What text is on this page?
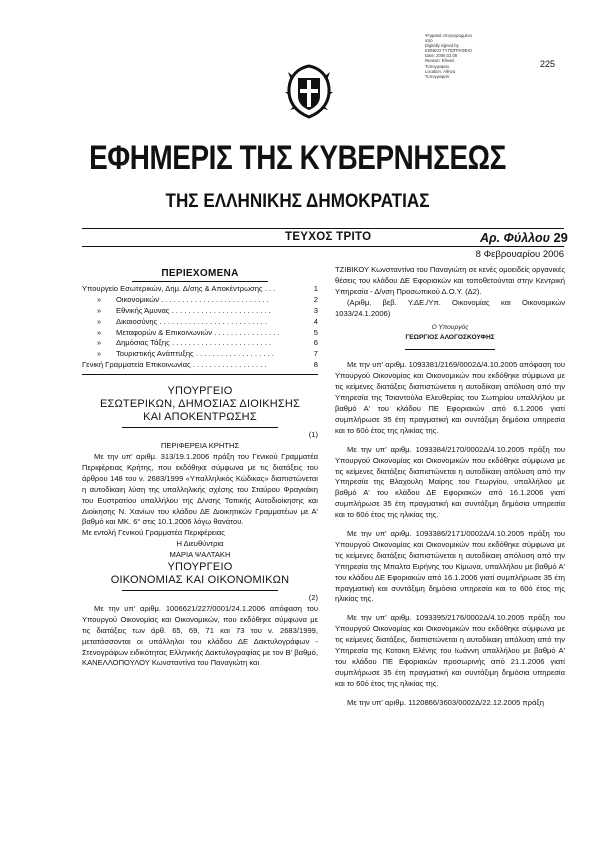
Ψηφιακά υπογεγραμμένο
από
Digitally signed by
ΕΘΝΙΚΟ ΤΥΠΟΓΡΑΦΕΙΟ
Date: 2006.02.08
Reason: Εθνικό
Τυπογραφείο
Location: Αθήνα
Τυπογραφείο
225
ΕΦΗΜΕΡΙΣ ΤΗΣ ΚΥΒΕΡΝΗΣΕΩΣ
ΤΗΣ ΕΛΛΗΝΙΚΗΣ ΔΗΜΟΚΡΑΤΙΑΣ
ΤΕΥΧΟΣ ΤΡΙΤΟ	Αρ. Φύλλου 29
8 Φεβρουαρίου 2006
ΠΕΡΙΕΧΟΜΕΝΑ
Υπουργείο Εσωτερικών, Δημ. Δ/σης & Αποκέντρωσης . . .	1
»	Οικονομικών . . . . . . . . . . . . . . . . . . . . . . . . . .	2
»	Εθνικής Άμυνας . . . . . . . . . . . . . . . . . . . . . . . .	3
»	Δικαιοσύνης . . . . . . . . . . . . . . . . . . . . . . . . . .	4
»	Μεταφορών & Επικοινωνιών . . . . . . . . . . . . . . . .	5
»	Δημόσιας Τάξης . . . . . . . . . . . . . . . . . . . . . . . .	6
»	Τουριστικής Ανάπτυξης . . . . . . . . . . . . . . . . . . .	7
Γενική Γραμματεία Επικοινωνίας . . . . . . . . . . . . . . . . . .	8
ΥΠΟΥΡΓΕΙΟ
ΕΣΩΤΕΡΙΚΩΝ, ΔΗΜΟΣΙΑΣ ΔΙΟΙΚΗΣΗΣ
ΚΑΙ ΑΠΟΚΕΝΤΡΩΣΗΣ
(1)
ΠΕΡΙΦΕΡΕΙΑ ΚΡΗΤΗΣ

Με την υπ' αριθμ. 313/19.1.2006 πράξη του Γενικού Γραμματέα Περιφέρειας Κρήτης, που εκδόθηκε σύμφωνα με τις διατάξεις του άρθρου 148 του ν. 2683/1999 «Υπαλληλικός Κώδικας» διαπιστώνεται η αυτοδίκαιη λύση της υπαλληλικής σχέσης του Σταύρου Φραγκάκη του Ευστρατίου υπαλλήλου της Δ/νσης Τοπικής Αυτοδιοίκησης και Διοίκησης Ν. Χανίων του κλάδου ΔΕ Διοικητικών Γραμματέων με Α' βαθμό και ΜΚ. 6° στις 10.1.2006 λόγω θανάτου.

Με εντολή Γενικού Γραμματέα Περιφέρειας

Η Διευθύντρια
ΜΑΡΙΑ ΨΑΛΤΑΚΗ
ΥΠΟΥΡΓΕΙΟ
ΟΙΚΟΝΟΜΙΑΣ ΚΑΙ ΟΙΚΟΝΟΜΙΚΩΝ
(2)

Με την υπ' αριθμ. 1006621/227/0001/24.1.2006 απόφαση του Υπουργού Οικονομίας και Οικονομικών, που εκδόθηκε σύμφωνα με τις διατάξεις των άρθ. 65, 69, 71 και 73 του ν. 2683/1999, μετατάσσονται οι υπάλληλοι του κλάδου ΔΕ Δακτυλογράφων - Στενογράφων ειδικότητας Ελληνικής Δακτυλογραφίας με τον Β' βαθμό, ΚΑΝΕΛΛΟΠΟΥΛΟΥ Κωνσταντίνα του Παναγιώτη και

ΤΖΙΒΙΚΟΥ Κωνσταντίνα του Παναγιώτη σε κενές ομοειδείς οργανικές θέσεις του κλάδου ΔΕ Εφοριακών και τοποθετούνται στην Κεντρική Υπηρεσία - Δ/νση Προσωπικού Δ.Ο.Υ. (Δ2).

(Αριθμ. βεβ. Υ.ΔΕ./Υπ. Οικονομίας και Οικονομικών 1033/24.1.2006)

Ο Υπουργός
ΓΕΩΡΓΙΟΣ ΑΛΟΓΟΣΚΟΥΦΗΣ

Με την υπ' αριθμ. 1093381/2169/0002Δ/4.10.2005 απόφαση του Υπουργού Οικονομίας και Οικονομικών που εκδόθηκε σύμφωνα με τις κείμενες διατάξεις διαπιστώνεται η αυτοδίκαιη απόλυση από την Υπηρεσία της Τσιαντούλα Ελευθερίας του Σωτηρίου υπαλλήλου με βαθμό Α' του κλάδου ΠΕ Εφοριακών από 6.1.2006 γιατί συμπλήρωσε 35 έτη πραγματική και συντάξιμη δημόσια υπηρεσία και το 60ό έτος της ηλικίας της.

Με την υπ' αριθμ. 1093384/2170/0002Δ/4.10.2005 πράξη του Υπουργού Οικονομίας και Οικονομικών που εκδόθηκε σύμφωνα με τις κείμενες διατάξεις διαπιστώνεται η αυτοδίκαιη απόλυση από την Υπηρεσία της Βλαχουλη Μαίρης του Γεωργίου, υπαλλήλου με βαθμό Α' του κλάδου ΔΕ Εφοριακών από 16.1.2006 γιατί συμπλήρωσε 35 έτη πραγματική και συντάξιμη δημόσια υπηρεσία και το 60ό έτος της ηλικίας της.

Με την υπ' αριθμ. 1093386/2171/0002Δ/4.10.2005 πράξη του Υπουργού Οικονομίας και Οικονομικών που εκδόθηκε σύμφωνα με τις κείμενες διατάξεις διαπιστώνεται η αυτοδίκαιη απόλυση από την Υπηρεσία της Μπαλτα Ειρήνης του Κίμωνα, υπαλλήλου με βαθμό Α' του κλάδου ΔΕ Εφοριακών από 16.1.2006 γιατί συμπλήρωσε 35 έτη πραγματική και συντάξιμη δημόσια υπηρεσία και το 60ό έτος της ηλικίας της.

Με την υπ' αριθμ. 1093395/2176/0002Δ/4.10.2005 πράξη του Υπουργού Οικονομίας και Οικονομικών που εκδόθηκε σύμφωνα με τις κείμενες διατάξεις, διαπιστώνεται η αυτοδίκαιη απόλυση από την Υπηρεσία της Κοτακη Ελένης του Ιωάννη υπαλλήλου με βαθμό Α' του κλάδου ΠΕ Εφοριακών προσωρινής από 21.1.2006 γιατί συμπλήρωσε 35 έτη πραγματική και συντάξιμη δημόσια υπηρεσία και το 60ό έτος της ηλικίας της.

Με την υπ' αριθμ. 1120866/3603/0002Δ/22.12.2005 πράξη
